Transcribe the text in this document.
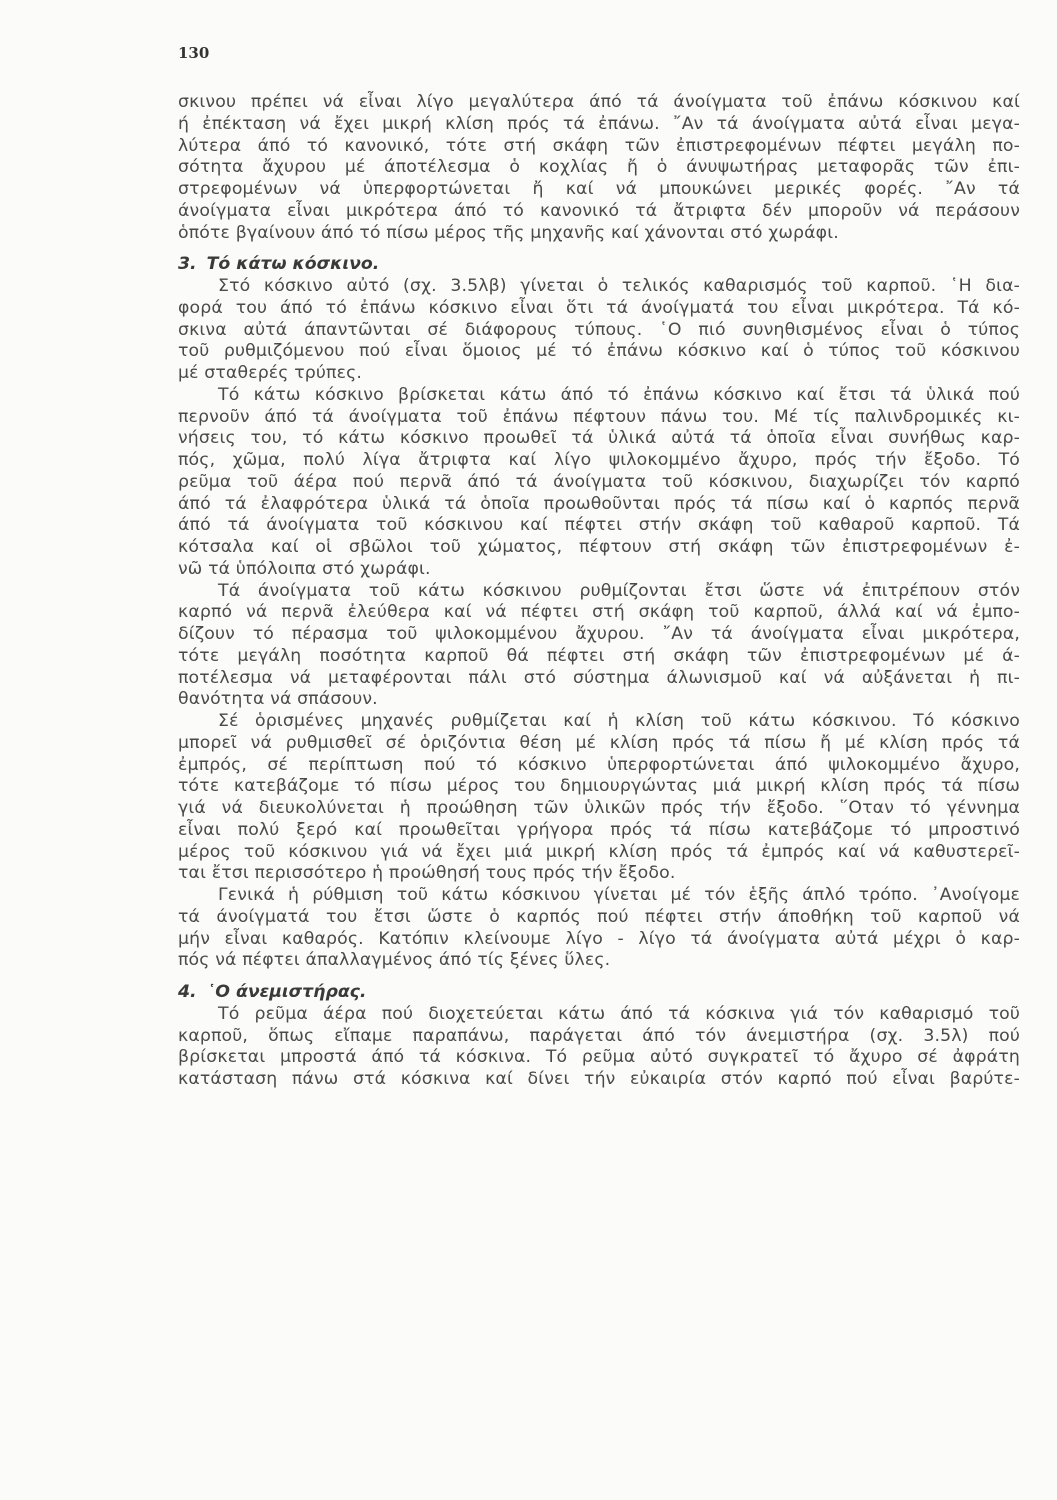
130
σκινου πρέπει νά εἶναι λίγο μεγαλύτερα άπό τά άνοίγματα τοῦ ἐπάνω κόσκινου καί
ή ἐπέκταση νά ἔχει μικρή κλίση πρός τά ἐπάνω. ῎Αν τά άνοίγματα αὐτά εἶναι μεγα-
λύτερα άπό τό κανονικό, τότε στή σκάφη τῶν ἐπιστρεφομένων πέφτει μεγάλη πο-
σότητα ἄχυρου μέ άποτέλεσμα ὁ κοχλίας ἤ ὁ άνυψωτήρας μεταφορᾶς τῶν ἐπι-
στρεφομένων νά ὑπερφορτώνεται ἤ καί νά μπουκώνει μερικές φορές. ῎Αν τά
άνοίγματα εἶναι μικρότερα άπό τό κανονικό τά ἄτριφτα δέν μποροῦν νά περάσουν
ὁπότε βγαίνουν άπό τό πίσω μέρος τῆς μηχανῆς καί χάνονται στό χωράφι.
3. Τό κάτω κόσκινο.
Στό κόσκινο αὐτό (σχ. 3.5λβ) γίνεται ὁ τελικός καθαρισμός τοῦ καρποῦ. ῾Η δια-
φορά του άπό τό ἐπάνω κόσκινο εἶναι ὅτι τά άνοίγματά του εἶναι μικρότερα. Τά κό-
σκινα αὐτά άπαντῶνται σέ διάφορους τύπους. ῾Ο πιό συνηθισμένος εἶναι ὁ τύπος
τοῦ ρυθμιζόμενου πού εἶναι ὅμοιος μέ τό ἐπάνω κόσκινο καί ὁ τύπος τοῦ κόσκινου
μέ σταθερές τρύπες.
Τό κάτω κόσκινο βρίσκεται κάτω άπό τό ἐπάνω κόσκινο καί ἔτσι τά ὑλικά πού
περνοῦν άπό τά άνοίγματα τοῦ ἐπάνω πέφτουν πάνω του. Μέ τίς παλινδρομικές κι-
νήσεις του, τό κάτω κόσκινο προωθεῖ τά ὑλικά αὐτά τά ὁποῖα εἶναι συνήθως καρ-
πός, χῶμα, πολύ λίγα ἄτριφτα καί λίγο ψιλοκομμένο ἄχυρο, πρός τήν ἔξοδο. Τό
ρεῦμα τοῦ άέρα πού περνᾶ άπό τά άνοίγματα τοῦ κόσκινου, διαχωρίζει τόν καρπό
άπό τά ἐλαφρότερα ὑλικά τά ὁποῖα προωθοῦνται πρός τά πίσω καί ὁ καρπός περνᾶ
άπό τά άνοίγματα τοῦ κόσκινου καί πέφτει στήν σκάφη τοῦ καθαροῦ καρποῦ. Τά
κότσαλα καί οἱ σβῶλοι τοῦ χώματος, πέφτουν στή σκάφη τῶν ἐπιστρεφομένων ἐ-
νῶ τά ὑπόλοιπα στό χωράφι.
Τά άνοίγματα τοῦ κάτω κόσκινου ρυθμίζονται ἔτσι ὥστε νά ἐπιτρέπουν στόν
καρπό νά περνᾶ ἐλεύθερα καί νά πέφτει στή σκάφη τοῦ καρποῦ, άλλά καί νά ἐμπο-
δίζουν τό πέρασμα τοῦ ψιλοκομμένου ἄχυρου. ῎Αν τά άνοίγματα εἶναι μικρότερα,
τότε μεγάλη ποσότητα καρποῦ θά πέφτει στή σκάφη τῶν ἐπιστρεφομένων μέ ά-
ποτέλεσμα νά μεταφέρονται πάλι στό σύστημα άλωνισμοῦ καί νά αὐξάνεται ἡ πι-
θανότητα νά σπάσουν.
Σέ ὁρισμένες μηχανές ρυθμίζεται καί ἡ κλίση τοῦ κάτω κόσκινου. Τό κόσκινο
μπορεῖ νά ρυθμισθεῖ σέ ὁριζόντια θέση μέ κλίση πρός τά πίσω ἤ μέ κλίση πρός τά
ἐμπρός, σέ περίπτωση πού τό κόσκινο ὑπερφορτώνεται άπό ψιλοκομμένο ἄχυρο,
τότε κατεβάζομε τό πίσω μέρος του δημιουργώντας μιά μικρή κλίση πρός τά πίσω
γιά νά διευκολύνεται ἡ προώθηση τῶν ὑλικῶν πρός τήν ἔξοδο. ῞Οταν τό γέννημα
εἶναι πολύ ξερό καί προωθεῖται γρήγορα πρός τά πίσω κατεβάζομε τό μπροστινό
μέρος τοῦ κόσκινου γιά νά ἔχει μιά μικρή κλίση πρός τά ἐμπρός καί νά καθυστερεῖ-
ται ἔτσι περισσότερο ἡ προώθησή τους πρός τήν ἔξοδο.
Γενικά ἡ ρύθμιση τοῦ κάτω κόσκινου γίνεται μέ τόν ἑξῆς άπλό τρόπο. ᾿Ανοίγομε
τά άνοίγματά του ἔτσι ὥστε ὁ καρπός πού πέφτει στήν άποθήκη τοῦ καρποῦ νά
μήν εἶναι καθαρός. Κατόπιν κλείνουμε λίγο - λίγο τά άνοίγματα αὐτά μέχρι ὁ καρ-
πός νά πέφτει άπαλλαγμένος άπό τίς ξένες ὕλες.
4. ῾Ο άνεμιστήρας.
Τό ρεῦμα άέρα πού διοχετεύεται κάτω άπό τά κόσκινα γιά τόν καθαρισμό τοῦ
καρποῦ, ὅπως εἴπαμε παραπάνω, παράγεται άπό τόν άνεμιστήρα (σχ. 3.5λ) πού
βρίσκεται μπροστά άπό τά κόσκινα. Τό ρεῦμα αὐτό συγκρατεῖ τό ἄχυρο σέ ἀφράτη
κατάσταση πάνω στά κόσκινα καί δίνει τήν εὐκαιρία στόν καρπό πού εἶναι βαρύτε-
